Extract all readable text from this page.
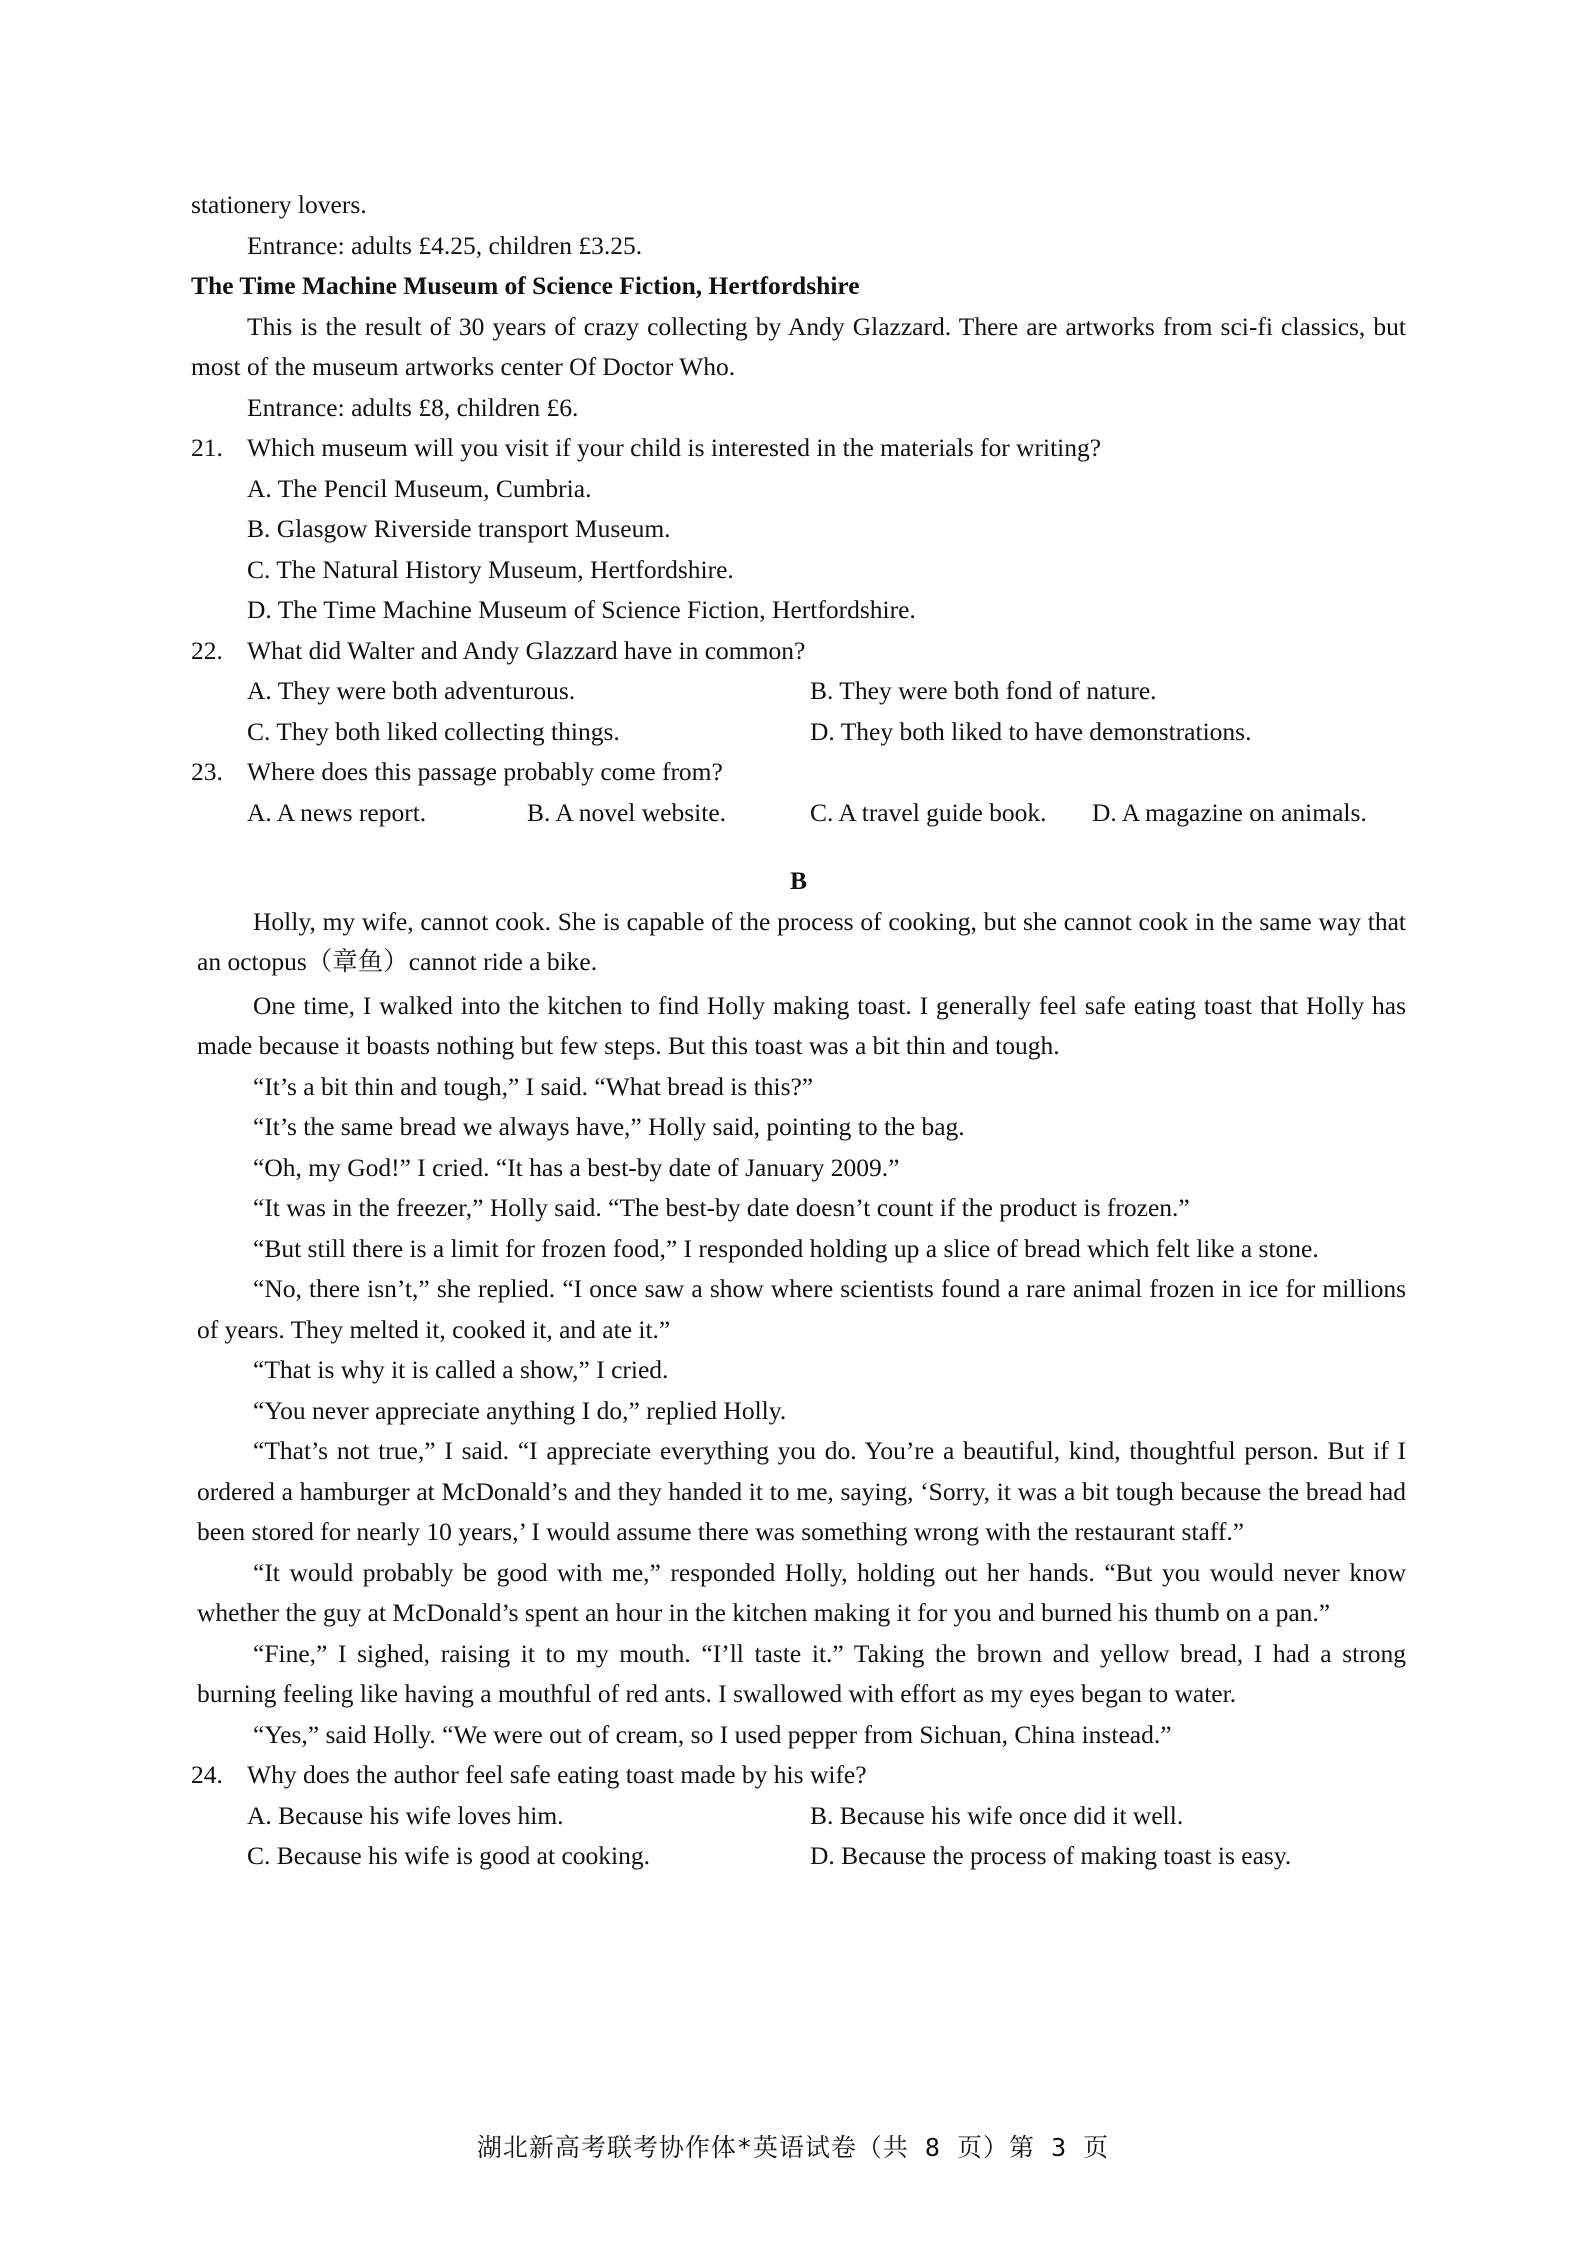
stationery lovers.
Entrance: adults £4.25, children £3.25.
The Time Machine Museum of Science Fiction, Hertfordshire
This is the result of 30 years of crazy collecting by Andy Glazzard. There are artworks from sci-fi classics, but most of the museum artworks center Of Doctor Who.
Entrance: adults £8, children £6.
21. Which museum will you visit if your child is interested in the materials for writing?
A. The Pencil Museum, Cumbria.
B. Glasgow Riverside transport Museum.
C. The Natural History Museum, Hertfordshire.
D. The Time Machine Museum of Science Fiction, Hertfordshire.
22. What did Walter and Andy Glazzard have in common?
A. They were both adventurous.	B. They were both fond of nature.
C. They both liked collecting things.	D. They both liked to have demonstrations.
23. Where does this passage probably come from?
A. A news report.	B. A novel website.	C. A travel guide book.	D. A magazine on animals.
B
Holly, my wife, cannot cook. She is capable of the process of cooking, but she cannot cook in the same way that an octopus（章鱼）cannot ride a bike.
One time, I walked into the kitchen to find Holly making toast. I generally feel safe eating toast that Holly has made because it boasts nothing but few steps. But this toast was a bit thin and tough.
“It’s a bit thin and tough,” I said. “What bread is this?”
“It’s the same bread we always have,” Holly said, pointing to the bag.
“Oh, my God!” I cried. “It has a best-by date of January 2009.”
“It was in the freezer,” Holly said. “The best-by date doesn’t count if the product is frozen.”
“But still there is a limit for frozen food,” I responded holding up a slice of bread which felt like a stone.
“No, there isn’t,” she replied. “I once saw a show where scientists found a rare animal frozen in ice for millions of years. They melted it, cooked it, and ate it.”
“That is why it is called a show,” I cried.
“You never appreciate anything I do,” replied Holly.
“That’s not true,” I said. “I appreciate everything you do. You’re a beautiful, kind, thoughtful person. But if I ordered a hamburger at McDonald’s and they handed it to me, saying, ‘Sorry, it was a bit tough because the bread had been stored for nearly 10 years,’ I would assume there was something wrong with the restaurant staff.”
“It would probably be good with me,” responded Holly, holding out her hands. “But you would never know whether the guy at McDonald’s spent an hour in the kitchen making it for you and burned his thumb on a pan.”
“Fine,” I sighed, raising it to my mouth. “I’ll taste it.” Taking the brown and yellow bread, I had a strong burning feeling like having a mouthful of red ants. I swallowed with effort as my eyes began to water.
“Yes,” said Holly. “We were out of cream, so I used pepper from Sichuan, China instead.”
24. Why does the author feel safe eating toast made by his wife?
A. Because his wife loves him.	B. Because his wife once did it well.
C. Because his wife is good at cooking.	D. Because the process of making toast is easy.
湖北新高考联考协作体*英语试卷（共 8 页）第 3 页
